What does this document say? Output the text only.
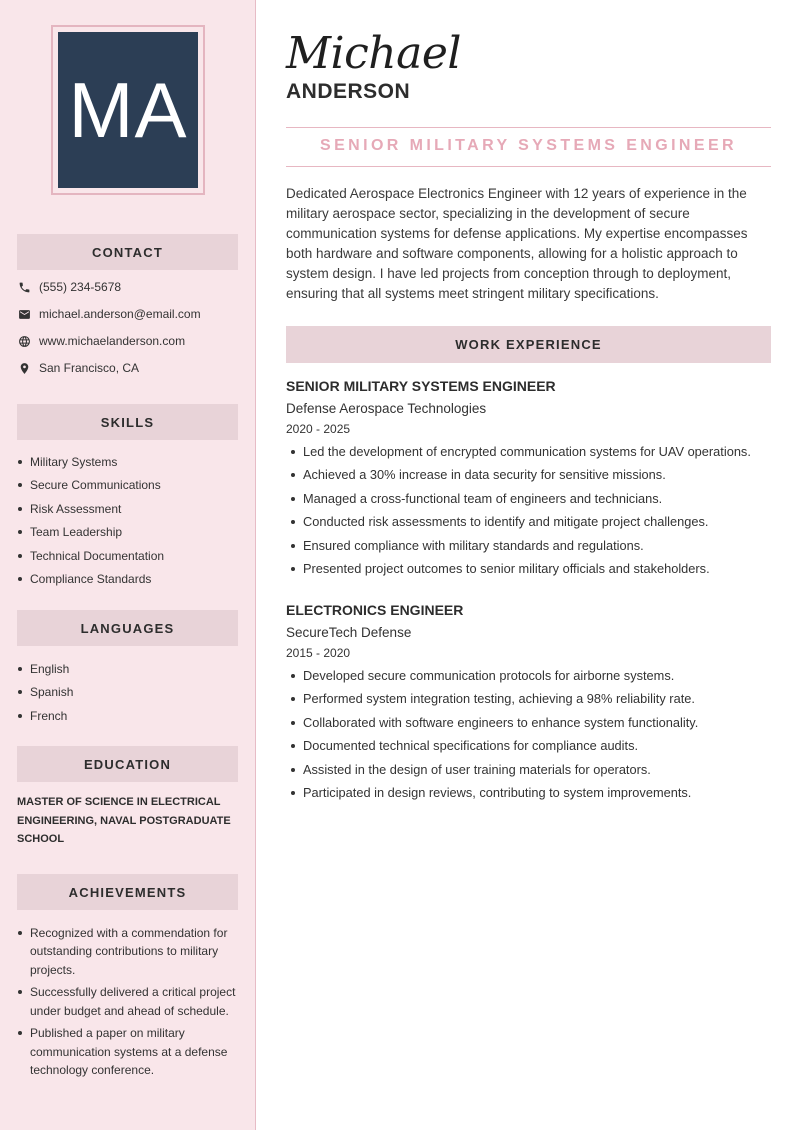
MA
CONTACT
(555) 234-5678
michael.anderson@email.com
www.michaelanderson.com
San Francisco, CA
SKILLS
Military Systems
Secure Communications
Risk Assessment
Team Leadership
Technical Documentation
Compliance Standards
LANGUAGES
English
Spanish
French
EDUCATION
MASTER OF SCIENCE IN ELECTRICAL ENGINEERING, NAVAL POSTGRADUATE SCHOOL
ACHIEVEMENTS
Recognized with a commendation for outstanding contributions to military projects.
Successfully delivered a critical project under budget and ahead of schedule.
Published a paper on military communication systems at a defense technology conference.
Michael
ANDERSON
SENIOR MILITARY SYSTEMS ENGINEER
Dedicated Aerospace Electronics Engineer with 12 years of experience in the military aerospace sector, specializing in the development of secure communication systems for defense applications. My expertise encompasses both hardware and software components, allowing for a holistic approach to system design. I have led projects from conception through to deployment, ensuring that all systems meet stringent military specifications.
WORK EXPERIENCE
SENIOR MILITARY SYSTEMS ENGINEER
Defense Aerospace Technologies
2020 - 2025
Led the development of encrypted communication systems for UAV operations.
Achieved a 30% increase in data security for sensitive missions.
Managed a cross-functional team of engineers and technicians.
Conducted risk assessments to identify and mitigate project challenges.
Ensured compliance with military standards and regulations.
Presented project outcomes to senior military officials and stakeholders.
ELECTRONICS ENGINEER
SecureTech Defense
2015 - 2020
Developed secure communication protocols for airborne systems.
Performed system integration testing, achieving a 98% reliability rate.
Collaborated with software engineers to enhance system functionality.
Documented technical specifications for compliance audits.
Assisted in the design of user training materials for operators.
Participated in design reviews, contributing to system improvements.
